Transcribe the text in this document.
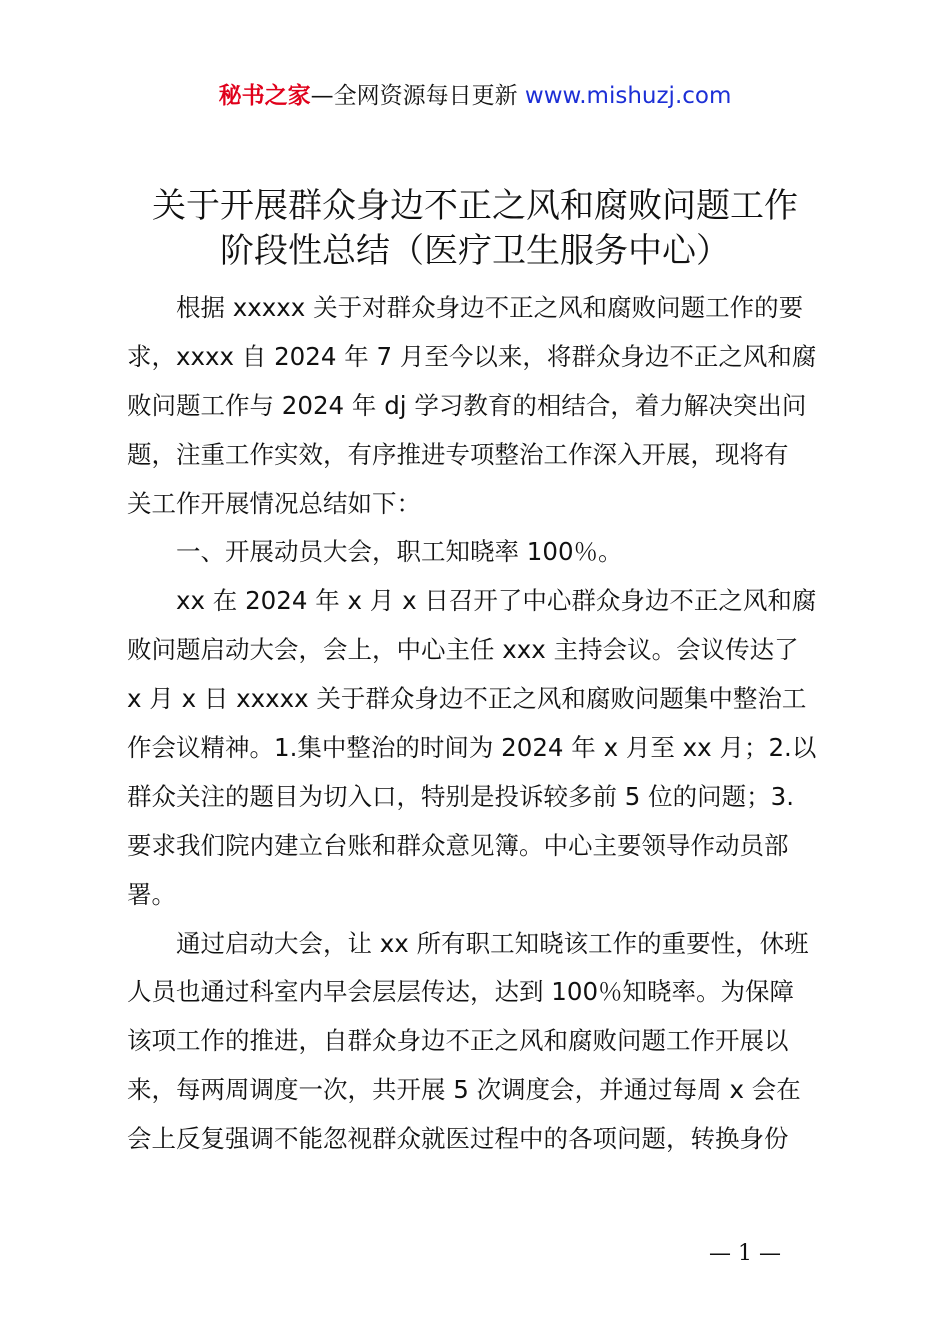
秘书之家—全网资源每日更新 www.mishuzj.com
关于开展群众身边不正之风和腐败问题工作
阶段性总结（医疗卫生服务中心）
　　根据 xxxxx 关于对群众身边不正之风和腐败问题工作的要
求，xxxx 自 2024 年 7 月至今以来，将群众身边不正之风和腐
败问题工作与 2024 年 dj 学习教育的相结合，着力解决突出问
题，注重工作实效，有序推进专项整治工作深入开展，现将有
关工作开展情况总结如下：
　　一、开展动员大会，职工知晓率 100％。
　　xx 在 2024 年 x 月 x 日召开了中心群众身边不正之风和腐
败问题启动大会，会上，中心主任 xxx 主持会议。会议传达了
x 月 x 日 xxxxx 关于群众身边不正之风和腐败问题集中整治工
作会议精神。1.集中整治的时间为 2024 年 x 月至 xx 月；2.以
群众关注的题目为切入口，特别是投诉较多前 5 位的问题；3.
要求我们院内建立台账和群众意见簿。中心主要领导作动员部
署。
　　通过启动大会，让 xx 所有职工知晓该工作的重要性，休班
人员也通过科室内早会层层传达，达到 100％知晓率。为保障
该项工作的推进，自群众身边不正之风和腐败问题工作开展以
来，每两周调度一次，共开展 5 次调度会，并通过每周 x 会在
会上反复强调不能忽视群众就医过程中的各项问题，转换身份
— 1 —
